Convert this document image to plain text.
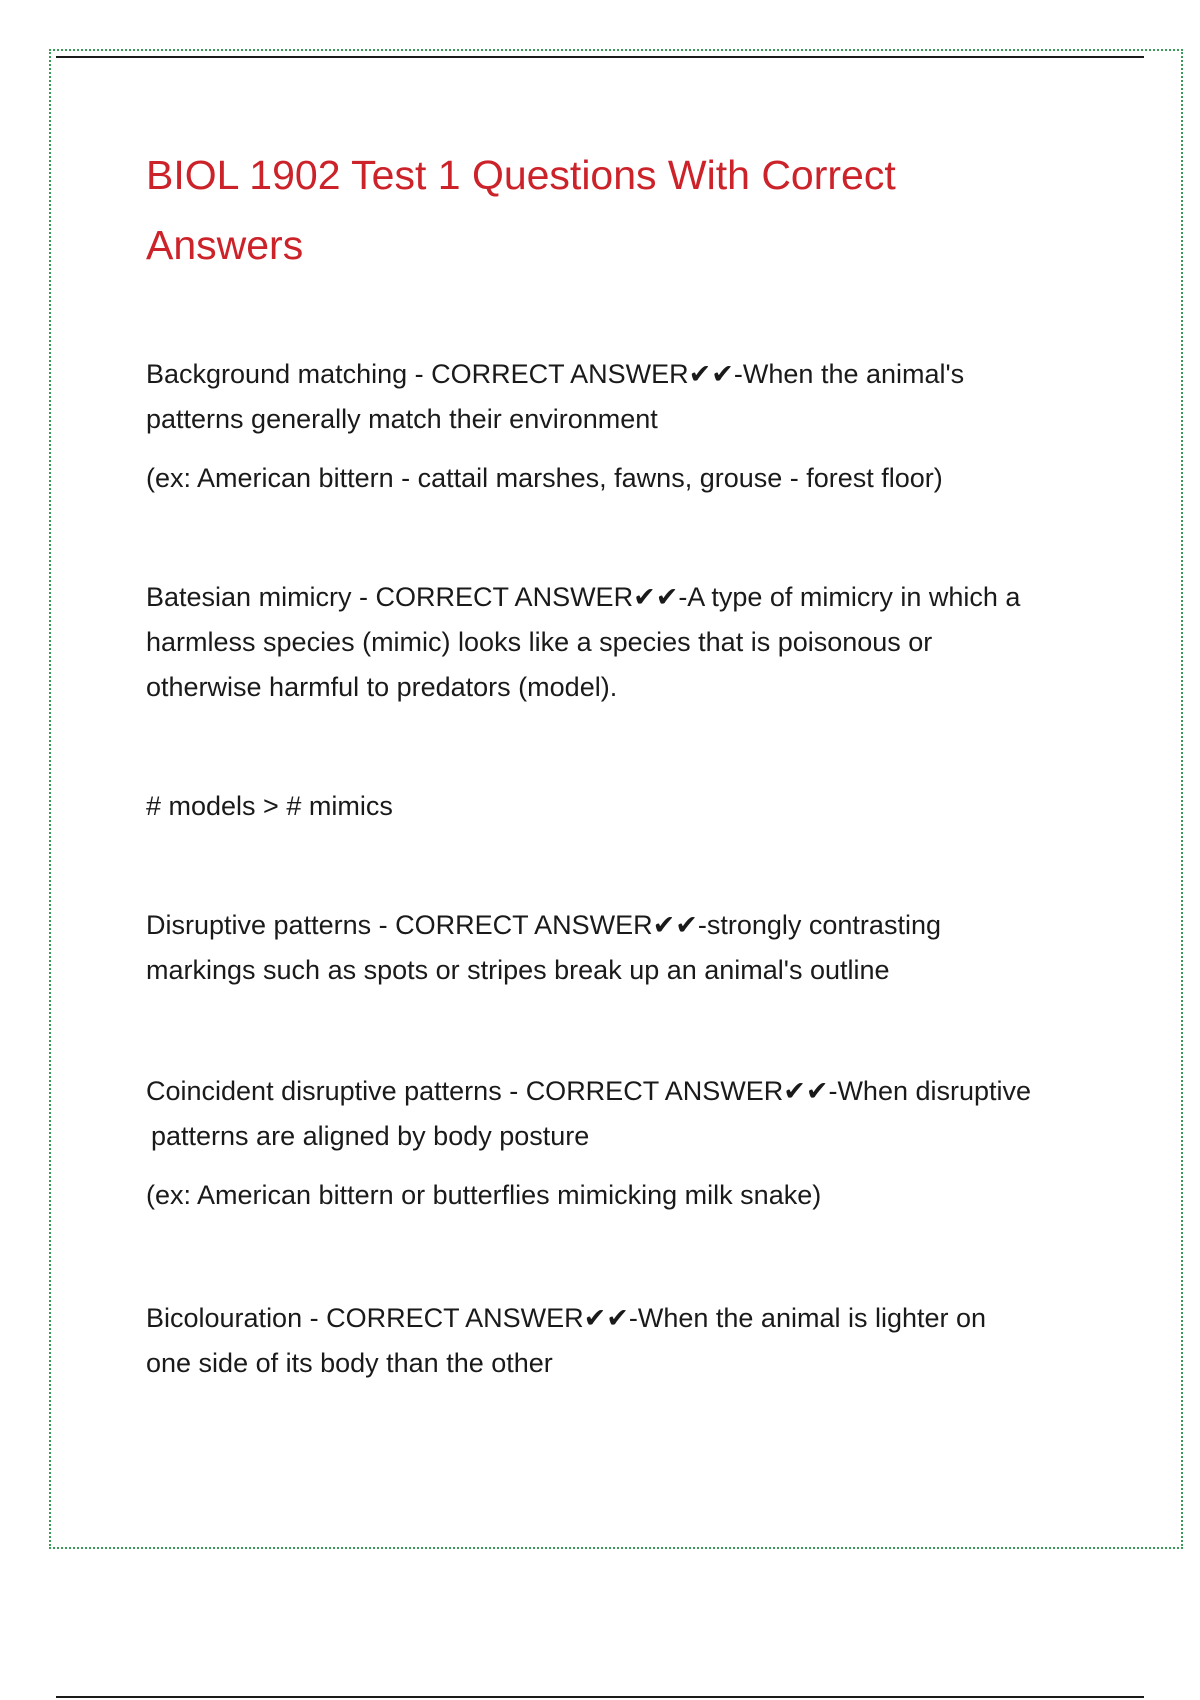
BIOL 1902 Test 1 Questions With Correct
Answers

Background matching - CORRECT ANSWER✔✔-When the animal's

patterns generally match their environment

(ex: American bittern - cattail marshes, fawns, grouse - forest floor)

Batesian mimicry - CORRECT ANSWER✔✔-A type of mimicry in which a

harmless species (mimic) looks like a species that is poisonous or

otherwise harmful to predators (model).

# models > # mimics

Disruptive patterns - CORRECT ANSWER✔✔-strongly contrasting

markings such as spots or stripes break up an animal's outline

Coincident disruptive patterns - CORRECT ANSWER✔✔-When disruptive

patterns are aligned by body posture

(ex: American bittern or butterflies mimicking milk snake)

Bicolouration - CORRECT ANSWER✔✔-When the animal is lighter on

one side of its body than the other
